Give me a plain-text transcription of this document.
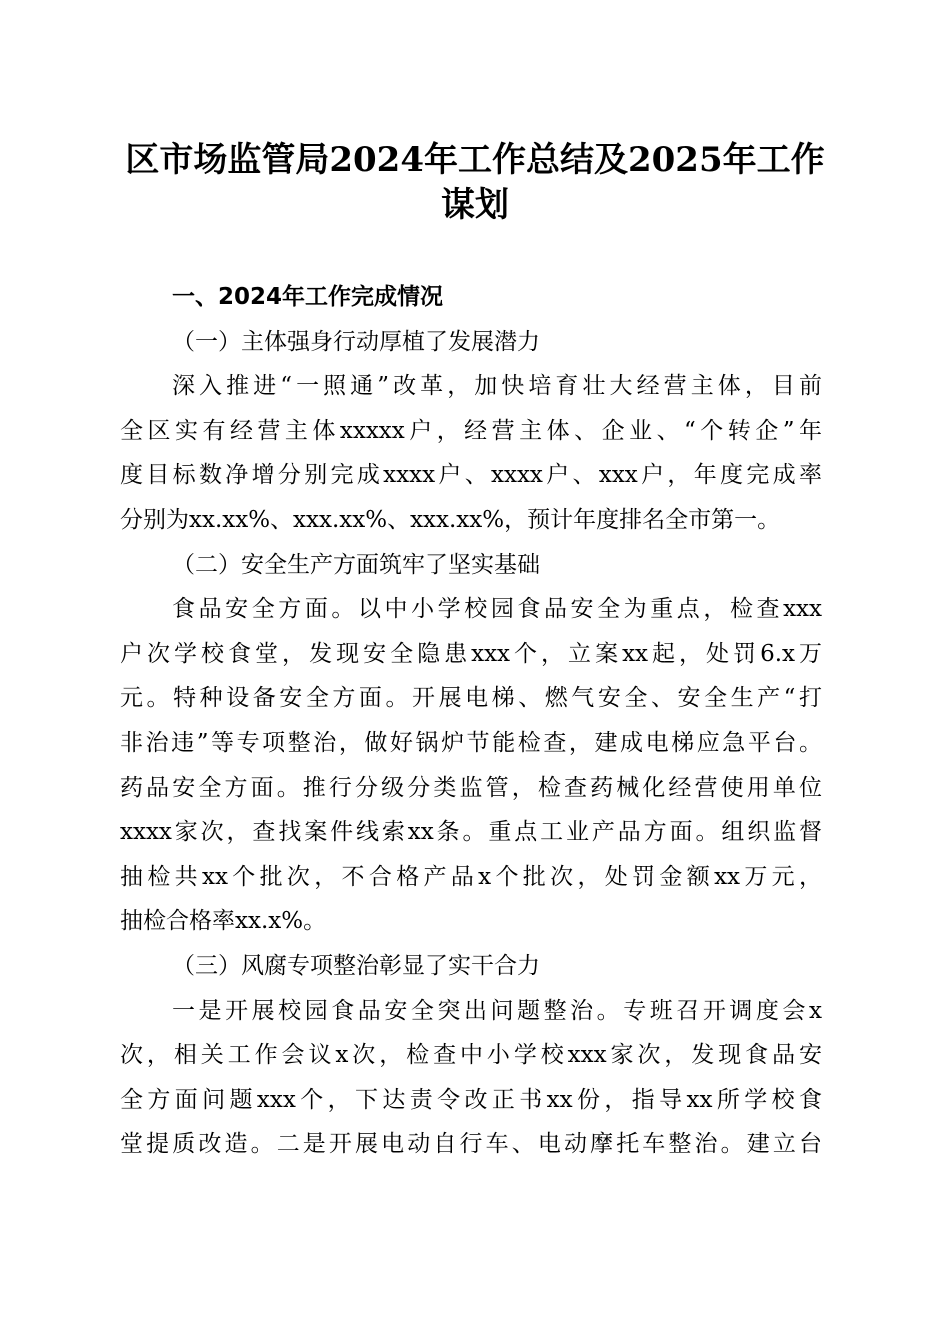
区市场监管局2024年工作总结及2025年工作
谋划
一、2024年工作完成情况
（一）主体强身行动厚植了发展潜力
深入推进“一照通”改革，加快培育壮大经营主体，目前
全区实有经营主体xxxxx户，经营主体、企业、“个转企”年
度目标数净增分别完成xxxx户、xxxx户、xxx户，年度完成率
分别为xx.xx%、xxx.xx%、xxx.xx%，预计年度排名全市第一。
（二）安全生产方面筑牢了坚实基础
食品安全方面。以中小学校园食品安全为重点，检查xxx
户次学校食堂，发现安全隐患xxx个，立案xx起，处罚6.x万
元。特种设备安全方面。开展电梯、燃气安全、安全生产“打
非治违”等专项整治，做好锅炉节能检查，建成电梯应急平台。
药品安全方面。推行分级分类监管，检查药械化经营使用单位
xxxx家次，查找案件线索xx条。重点工业产品方面。组织监督
抽检共xx个批次，不合格产品x个批次，处罚金额xx万元，
抽检合格率xx.x%。
（三）风腐专项整治彰显了实干合力
一是开展校园食品安全突出问题整治。专班召开调度会x
次，相关工作会议x次，检查中小学校xxx家次，发现食品安
全方面问题xxx个，下达责令改正书xx份，指导xx所学校食
堂提质改造。二是开展电动自行车、电动摩托车整治。建立台
